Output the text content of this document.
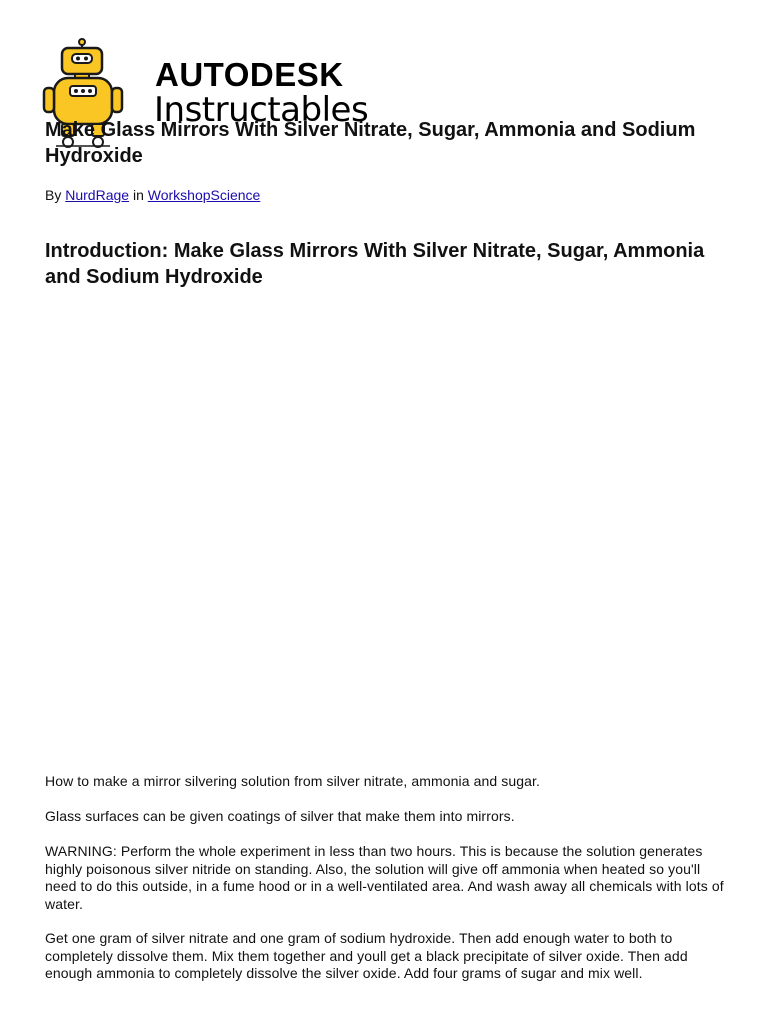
AUTODESK
Instructables
Make Glass Mirrors With Silver Nitrate, Sugar, Ammonia and Sodium Hydroxide
By NurdRage in WorkshopScience
Introduction: Make Glass Mirrors With Silver Nitrate, Sugar, Ammonia and Sodium Hydroxide

How to make a mirror silvering solution from silver nitrate, ammonia and sugar.

Glass surfaces can be given coatings of silver that make them into mirrors.

WARNING: Perform the whole experiment in less than two hours. This is because the solution generates highly poisonous silver nitride on standing. Also, the solution will give off ammonia when heated so you'll need to do this outside, in a fume hood or in a well-ventilated area. And wash away all chemicals with lots of water.

Get one gram of silver nitrate and one gram of sodium hydroxide. Then add enough water to both to completely dissolve them. Mix them together and youll get a black precipitate of silver oxide. Then add enough ammonia to completely dissolve the silver oxide. Add four grams of sugar and mix well.
